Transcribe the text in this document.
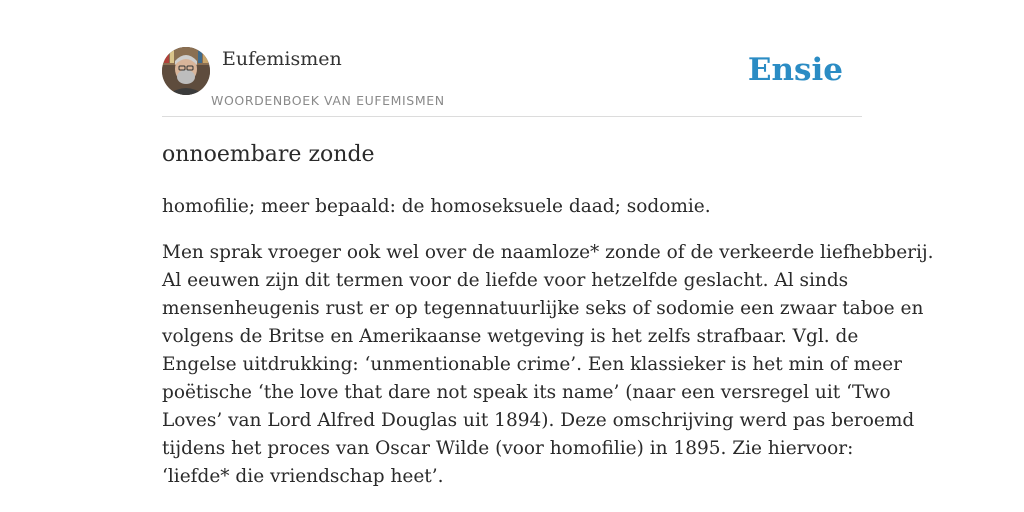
Eufemismen
WOORDENBOEK VAN EUFEMISMEN
Ensie
onnoembare zonde

homofilie; meer bepaald: de homoseksuele daad; sodomie.

Men sprak vroeger ook wel over de naamloze* zonde of de verkeerde liefhebberij.
Al eeuwen zijn dit termen voor de liefde voor hetzelfde geslacht. Al sinds
mensenheugenis rust er op tegennatuurlijke seks of sodomie een zwaar taboe en
volgens de Britse en Amerikaanse wetgeving is het zelfs strafbaar. Vgl. de
Engelse uitdrukking: ‘unmentionable crime’. Een klassieker is het min of meer
poëtische ‘the love that dare not speak its name’ (naar een versregel uit ‘Two
Loves’ van Lord Alfred Douglas uit 1894). Deze omschrijving werd pas beroemd
tijdens het proces van Oscar Wilde (voor homofilie) in 1895. Zie hiervoor:
‘liefde* die vriendschap heet’.
